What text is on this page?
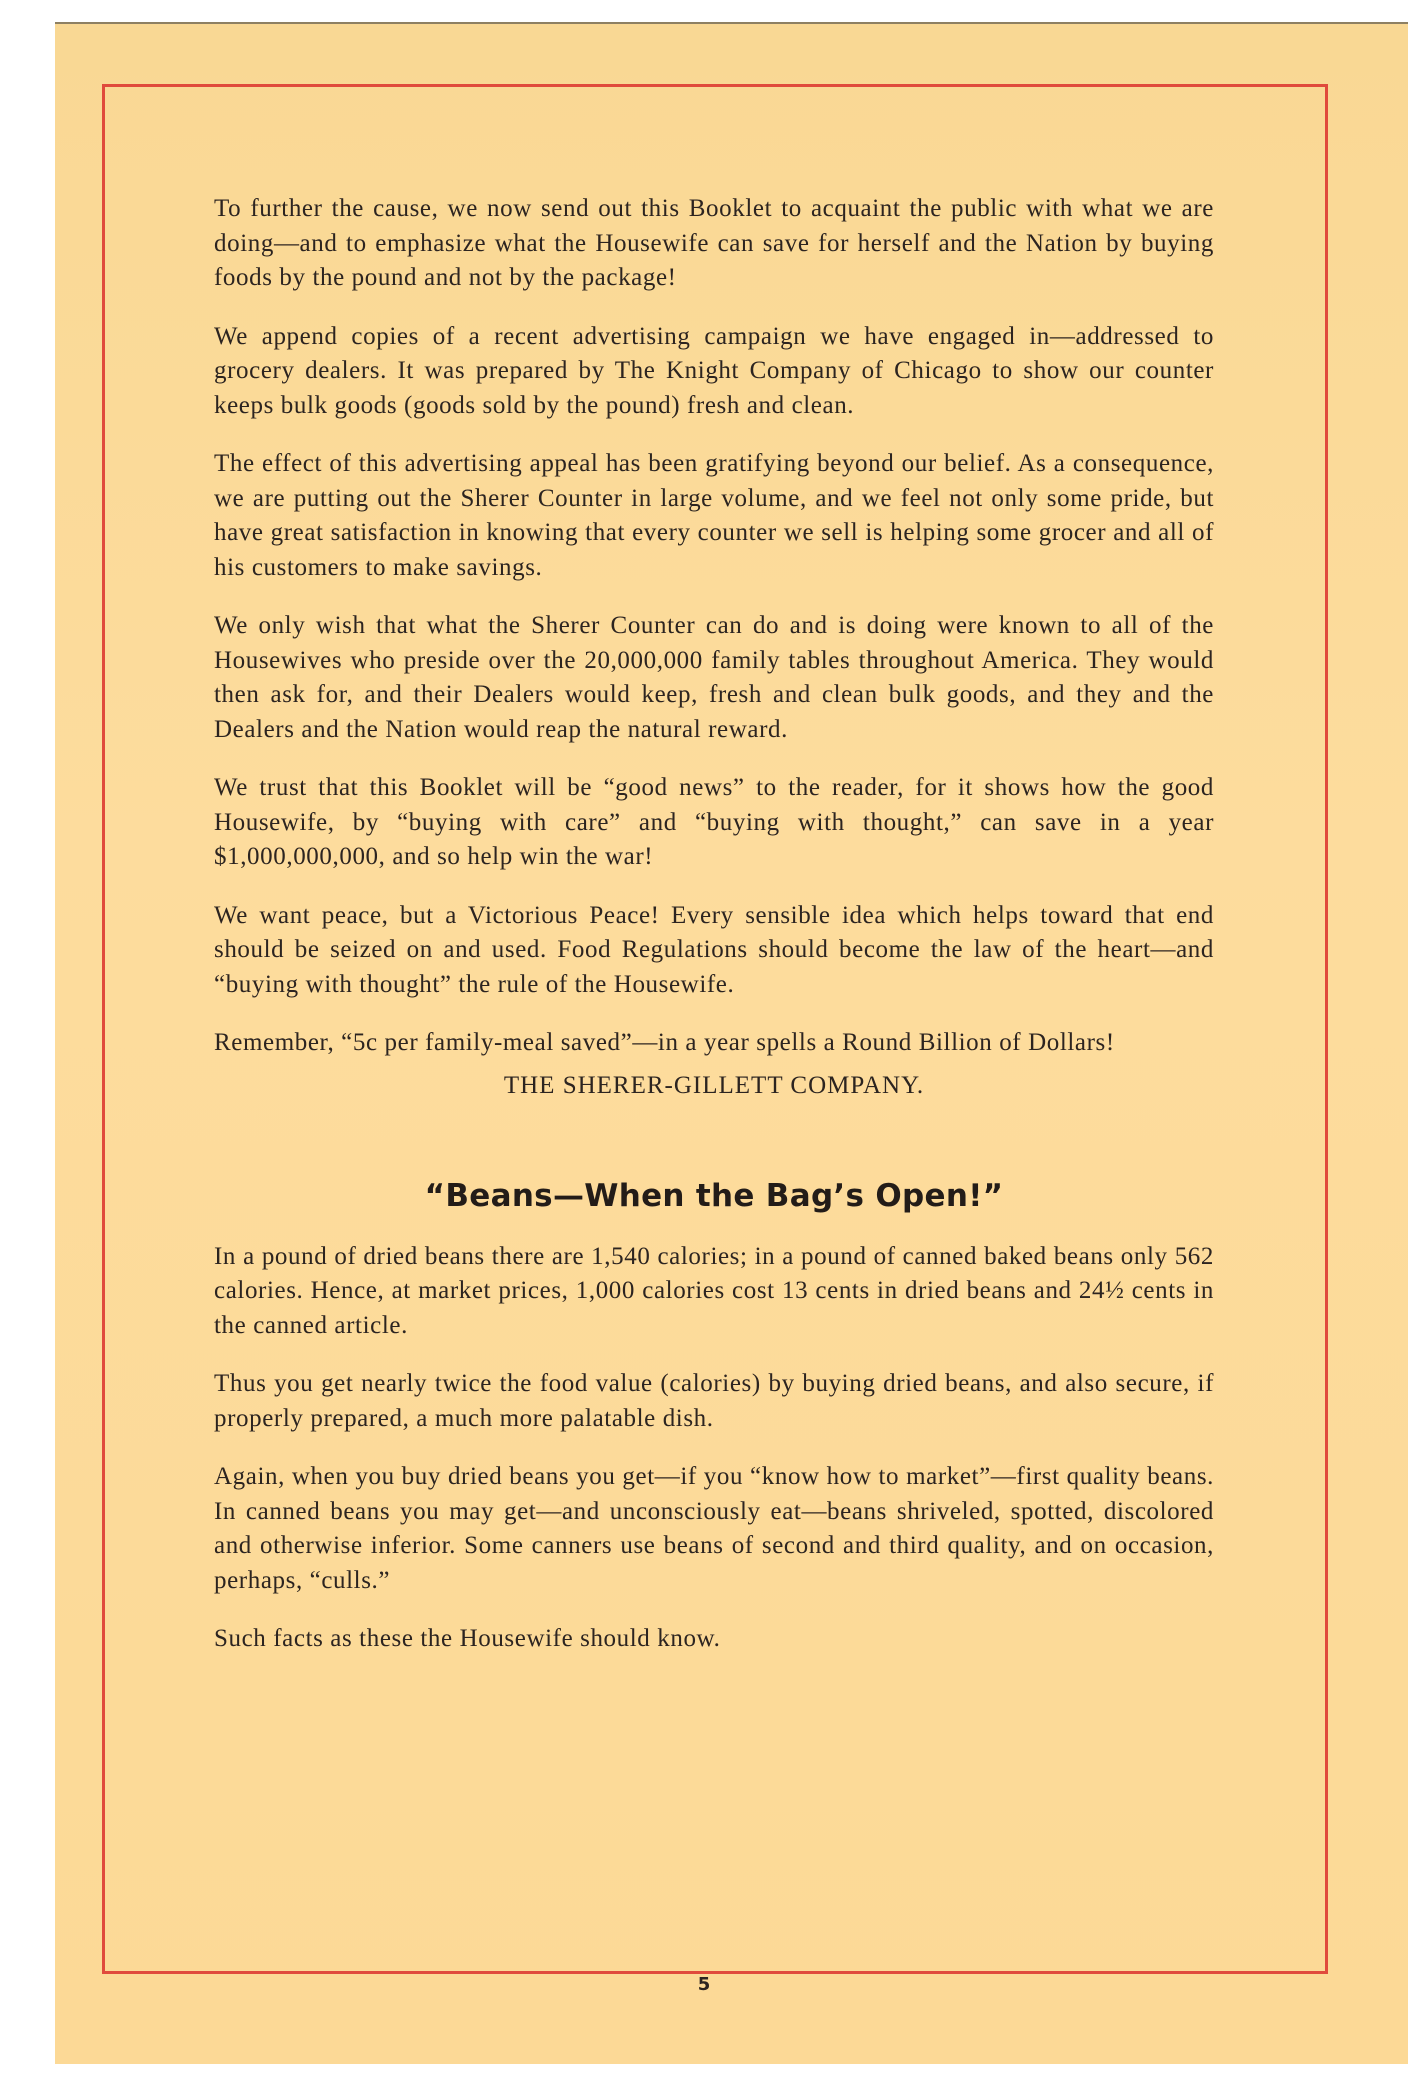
To further the cause, we now send out this Booklet to acquaint the public with what we are doing—and to emphasize what the Housewife can save for herself and the Nation by buying foods by the pound and not by the package!

We append copies of a recent advertising campaign we have engaged in—addressed to grocery dealers. It was prepared by The Knight Company of Chicago to show our counter keeps bulk goods (goods sold by the pound) fresh and clean.

The effect of this advertising appeal has been gratifying beyond our belief. As a consequence, we are putting out the Sherer Counter in large volume, and we feel not only some pride, but have great satisfaction in knowing that every counter we sell is helping some grocer and all of his customers to make savings.

We only wish that what the Sherer Counter can do and is doing were known to all of the Housewives who preside over the 20,000,000 family tables throughout America. They would then ask for, and their Dealers would keep, fresh and clean bulk goods, and they and the Dealers and the Nation would reap the natural reward.

We trust that this Booklet will be “good news” to the reader, for it shows how the good Housewife, by “buying with care” and “buying with thought,” can save in a year $1,000,000,000, and so help win the war!

We want peace, but a Victorious Peace! Every sensible idea which helps toward that end should be seized on and used. Food Regulations should become the law of the heart—and “buying with thought” the rule of the Housewife.

Remember, “5c per family-meal saved”—in a year spells a Round Billion of Dollars!

THE SHERER-GILLETT COMPANY.

“Beans—When the Bag’s Open!”

In a pound of dried beans there are 1,540 calories; in a pound of canned baked beans only 562 calories. Hence, at market prices, 1,000 calories cost 13 cents in dried beans and 24½ cents in the canned article.

Thus you get nearly twice the food value (calories) by buying dried beans, and also secure, if properly prepared, a much more palatable dish.

Again, when you buy dried beans you get—if you “know how to market”—first quality beans. In canned beans you may get—and unconsciously eat—beans shriveled, spotted, discolored and otherwise inferior. Some canners use beans of second and third quality, and on occasion, perhaps, “culls.”

Such facts as these the Housewife should know.

5
